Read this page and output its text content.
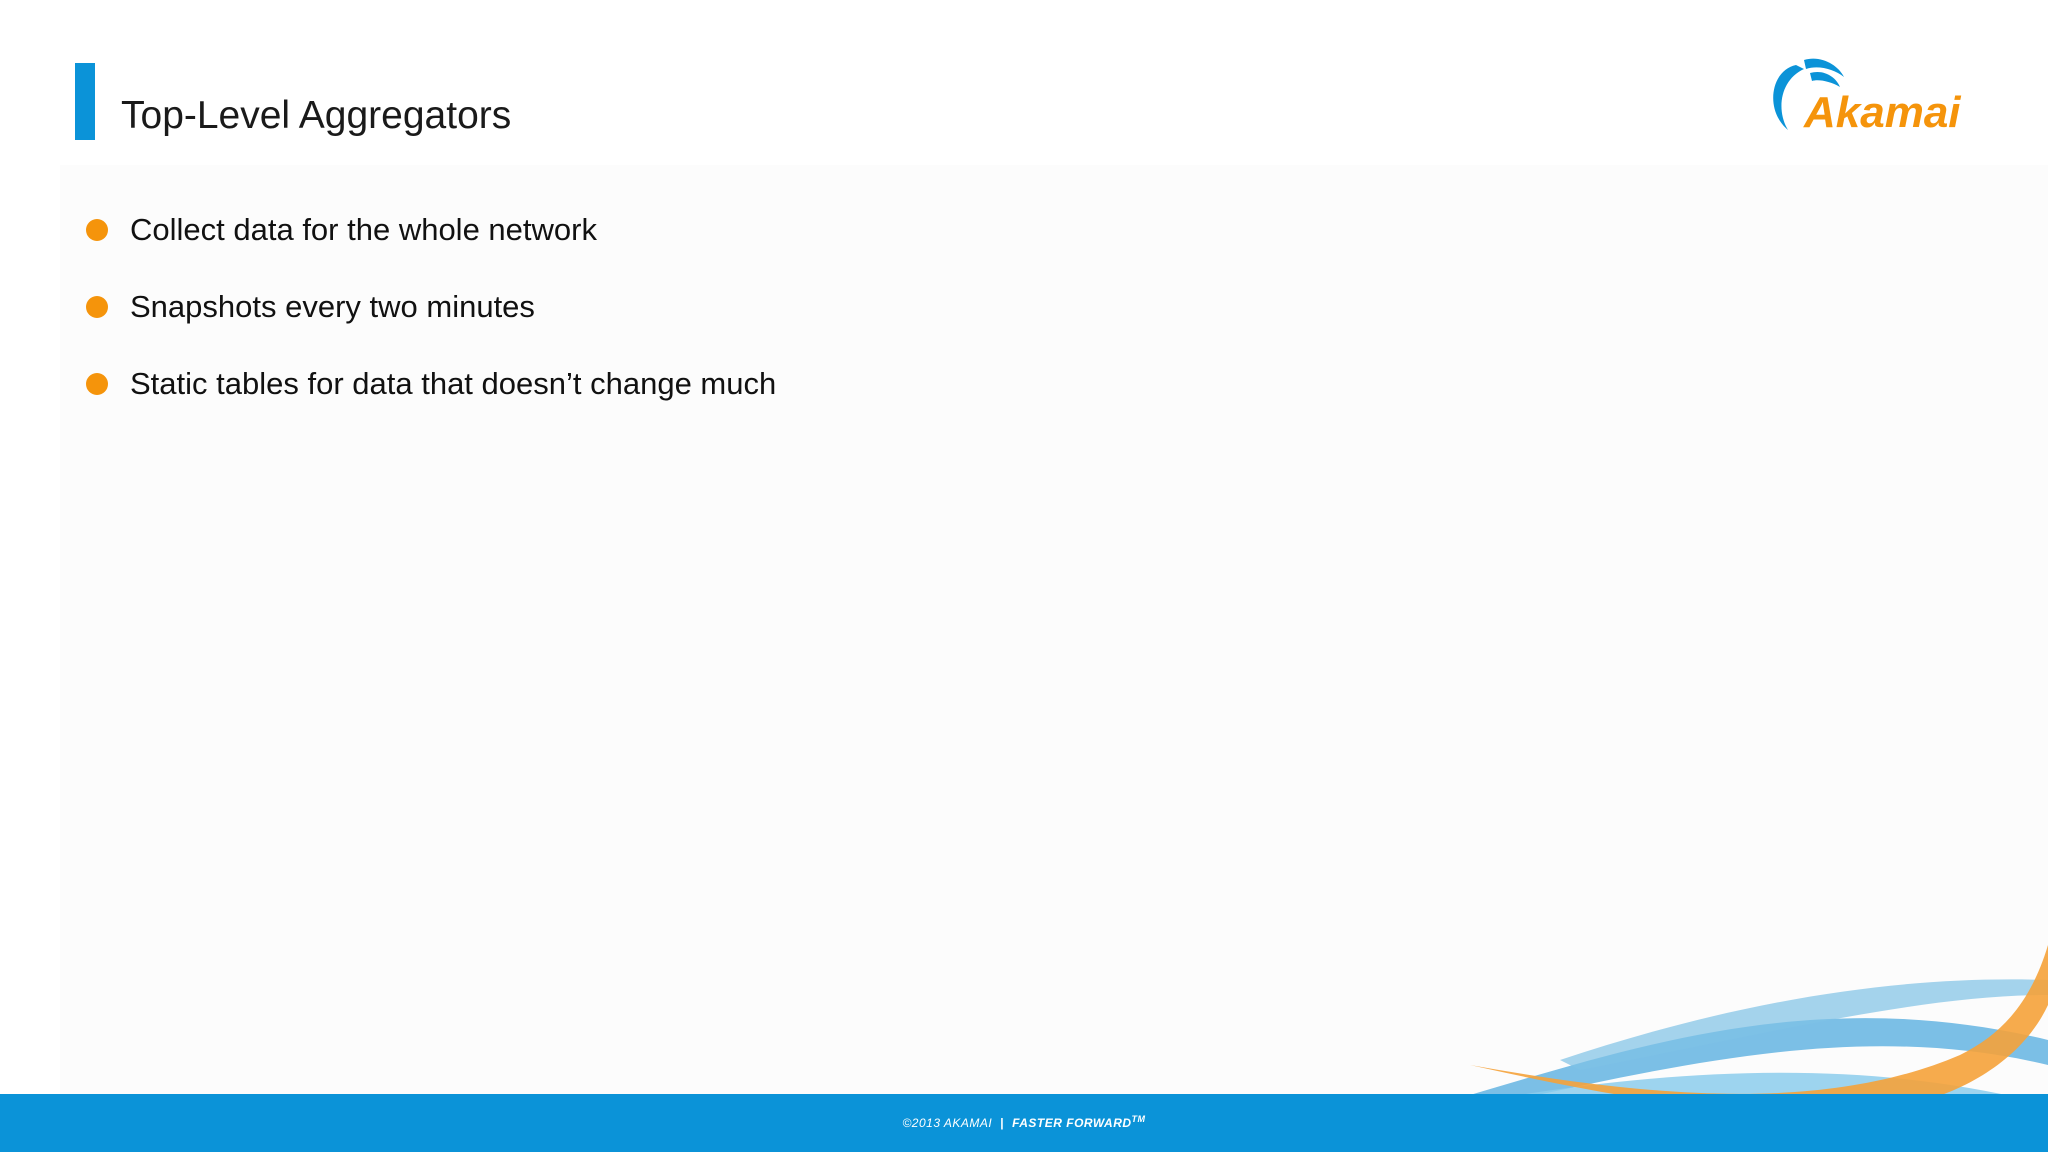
Top-Level Aggregators	Akamai
Collect data for the whole network
Snapshots every two minutes
Static tables for data that doesn’t change much
©2013 AKAMAI | FASTER FORWARD™
